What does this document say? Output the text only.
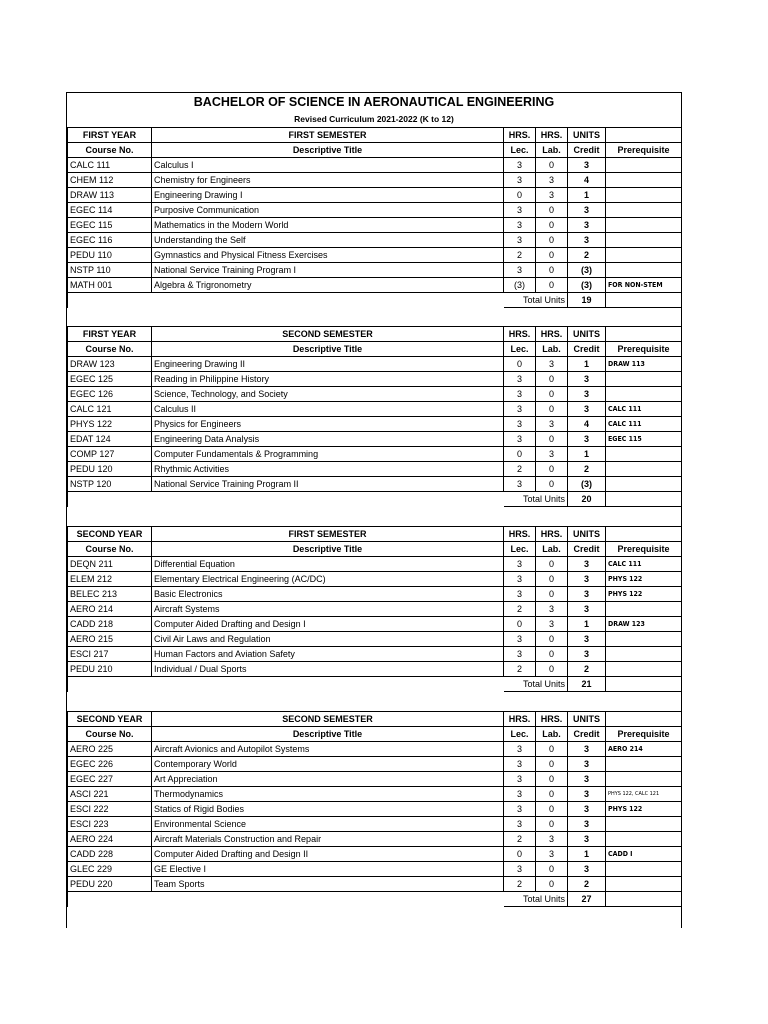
BACHELOR OF SCIENCE IN AERONAUTICAL ENGINEERING
Revised Curriculum 2021-2022 (K to 12)
FIRST YEAR	FIRST SEMESTER	HRS.	HRS.	UNITS	
Course No.	Descriptive Title	Lec.	Lab.	Credit	Prerequisite
CALC 111	Calculus I	3	0	3	
CHEM 112	Chemistry for Engineers	3	3	4	
DRAW 113	Engineering Drawing I	0	3	1	
EGEC 114	Purposive Communication	3	0	3	
EGEC 115	Mathematics in the Modern World	3	0	3	
EGEC 116	Understanding the Self	3	0	3	
PEDU 110	Gymnastics and Physical Fitness Exercises	2	0	2	
NSTP 110	National Service Training Program I	3	0	(3)	
MATH 001	Algebra & Trigronometry	(3)	0	(3)	FOR NON-STEM
		Total Units		19	
FIRST YEAR	SECOND SEMESTER	HRS.	HRS.	UNITS	
Course No.	Descriptive Title	Lec.	Lab.	Credit	Prerequisite
DRAW 123	Engineering Drawing II	0	3	1	DRAW 113
EGEC 125	Reading in Philippine History	3	0	3	
EGEC 126	Science, Technology, and Society	3	0	3	
CALC 121	Calculus II	3	0	3	CALC 111
PHYS 122	Physics for Engineers	3	3	4	CALC 111
EDAT 124	Engineering Data Analysis	3	0	3	EGEC 115
COMP 127	Computer Fundamentals & Programming	0	3	1	
PEDU 120	Rhythmic Activities	2	0	2	
NSTP 120	National Service Training Program II	3	0	(3)	
		Total Units		20	
SECOND YEAR	FIRST SEMESTER	HRS.	HRS.	UNITS	
Course No.	Descriptive Title	Lec.	Lab.	Credit	Prerequisite
DEQN 211	Differential Equation	3	0	3	CALC 111
ELEM 212	Elementary Electrical Engineering (AC/DC)	3	0	3	PHYS 122
BELEC 213	Basic Electronics	3	0	3	PHYS 122
AERO 214	Aircraft Systems	2	3	3	
CADD 218	Computer Aided Drafting and Design I	0	3	1	DRAW 123
AERO 215	Civil Air Laws and Regulation	3	0	3	
ESCI 217	Human Factors and Aviation Safety	3	0	3	
PEDU 210	Individual / Dual Sports	2	0	2	
		Total Units		21	
SECOND YEAR	SECOND SEMESTER	HRS.	HRS.	UNITS	
Course No.	Descriptive Title	Lec.	Lab.	Credit	Prerequisite
AERO 225	Aircraft Avionics and Autopilot Systems	3	0	3	AERO 214
EGEC 226	Contemporary World	3	0	3	
EGEC 227	Art Appreciation	3	0	3	
ASCI 221	Thermodynamics	3	0	3	PHYS 122, CALC 121
ESCI 222	Statics of Rigid Bodies	3	0	3	PHYS 122
ESCI 223	Environmental Science	3	0	3	
AERO 224	Aircraft Materials Construction and Repair	2	3	3	
CADD 228	Computer Aided Drafting and Design II	0	3	1	CADD I
GLEC 229	GE Elective I	3	0	3	
PEDU 220	Team Sports	2	0	2	
		Total Units		27	
